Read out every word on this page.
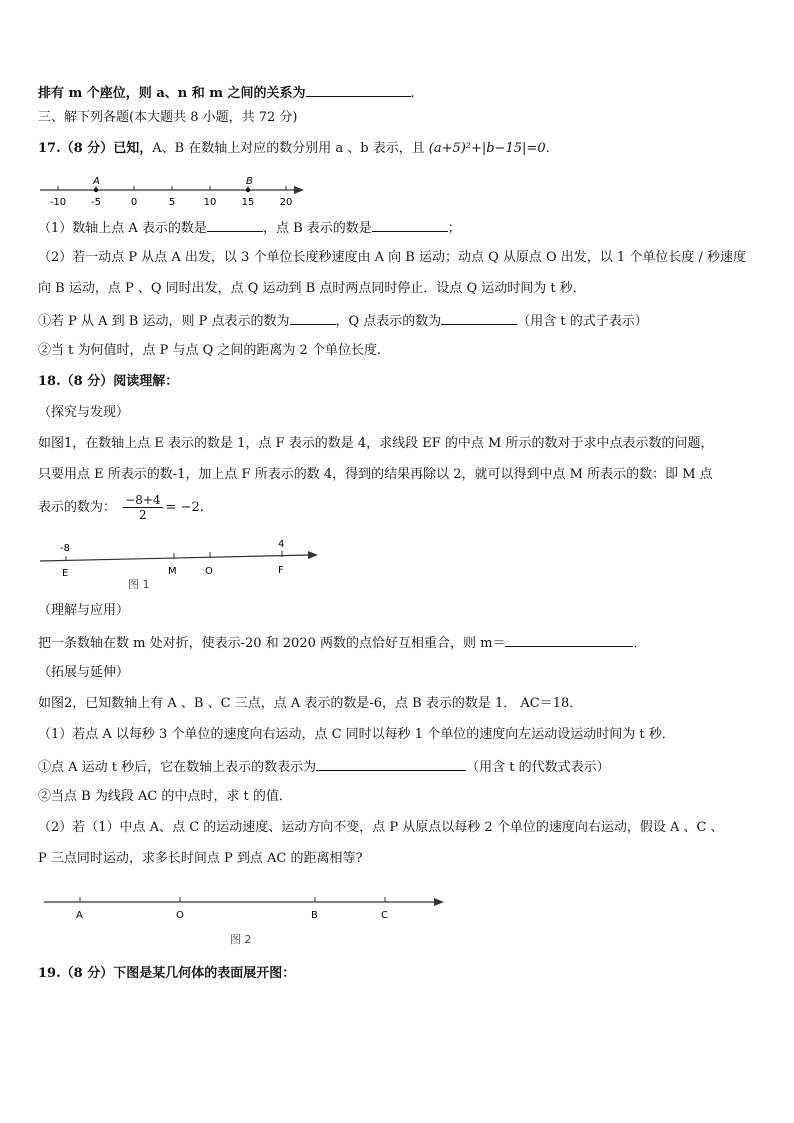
排有 m 个座位，则 a、n 和 m 之间的关系为	.
三、解下列各题(本大题共 8 小题，共 72 分)
17.（8 分）已知，A、B 在数轴上对应的数分别用 a 、b 表示，且 (a+5)²+|b−15|=0.
-10 -5	0	5	10	15	20
A	B
（1）数轴上点 A 表示的数是	，点 B 表示的数是	；
（2）若一动点 P 从点 A 出发，以 3 个单位长度秒速度由 A 向 B 运动；动点 Q 从原点 O 出发，以 1 个单位长度 / 秒速度
向 B 运动，点 P 、Q 同时出发，点 Q 运动到 B 点时两点同时停止．设点 Q 运动时间为 t 秒．
①若 P 从 A 到 B 运动，则 P 点表示的数为	，Q 点表示的数为	（用含 t 的式子表示）
②当 t 为何值时，点 P 与点 Q 之间的距离为 2 个单位长度．
18.（8 分）阅读理解：
（探究与发现）
如图1，在数轴上点 E 表示的数是 1，点 F 表示的数是 4，求线段 EF 的中点 M 所示的数对于求中点表示数的问题，
只要用点 E 所表示的数-1，加上点 F 所表示的数 4，得到的结果再除以 2，就可以得到中点 M 所表示的数：即 M 点
表示的数为： $\frac{-8+4}{2} = -2$．
-8	4
E	M	O	F
图 1
（理解与应用）
把一条数轴在数 m 处对折，使表示-20 和 2020 两数的点恰好互相重合，则 m＝	．
（拓展与延伸）
如图2，已知数轴上有 A 、B 、C 三点，点 A 表示的数是-6，点 B 表示的数是 1． AC＝18．
（1）若点 A 以每秒 3 个单位的速度向右运动，点 C 同时以每秒 1 个单位的速度向左运动设运动时间为 t 秒．
①点 A 运动 t 秒后，它在数轴上表示的数表示为	（用含 t 的代数式表示）
②当点 B 为线段 AC 的中点时，求 t 的值．
（2）若（1）中点 A、点 C 的运动速度、运动方向不变，点 P 从原点以每秒 2 个单位的速度向右运动，假设 A 、C 、
P 三点同时运动，求多长时间点 P 到点 AC 的距离相等?
A	O	B	C
图 2
19.（8 分）下图是某几何体的表面展开图：
